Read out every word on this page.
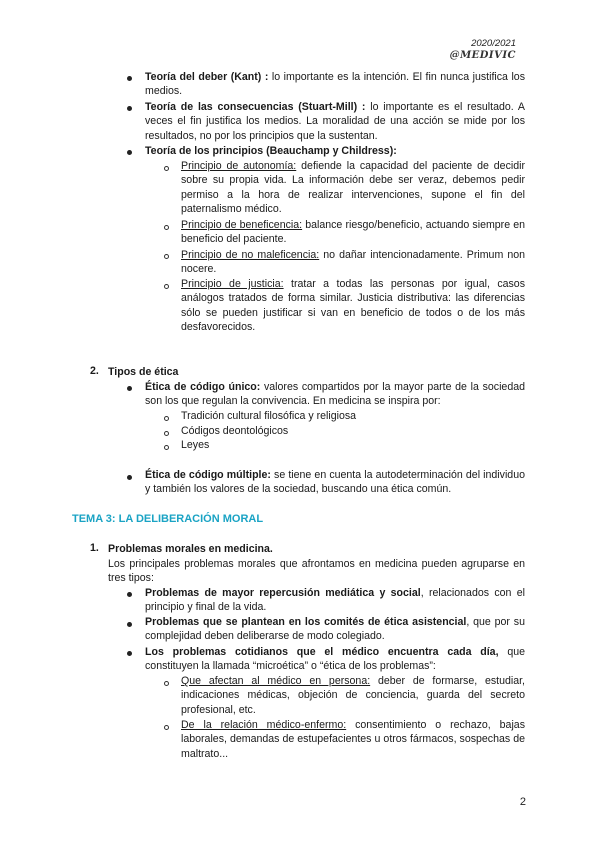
2020/2021
@MEDIVIC
Teoría del deber (Kant) : lo importante es la intención. El fin nunca justifica los medios.
Teoría de las consecuencias (Stuart-Mill) : lo importante es el resultado. A veces el fin justifica los medios. La moralidad de una acción se mide por los resultados, no por los principios que la sustentan.
Teoría de los principios (Beauchamp y Childress):
Principio de autonomía: defiende la capacidad del paciente de decidir sobre su propia vida. La información debe ser veraz, debemos pedir permiso a la hora de realizar intervenciones, supone el fin del paternalismo médico.
Principio de beneficencia: balance riesgo/beneficio, actuando siempre en beneficio del paciente.
Principio de no maleficencia: no dañar intencionadamente. Primum non nocere.
Principio de justicia: tratar a todas las personas por igual, casos análogos tratados de forma similar. Justicia distributiva: las diferencias sólo se pueden justificar si van en beneficio de todos o de los más desfavorecidos.
2. Tipos de ética
Ética de código único: valores compartidos por la mayor parte de la sociedad son los que regulan la convivencia. En medicina se inspira por:
Tradición cultural filosófica y religiosa
Códigos deontológicos
Leyes
Ética de código múltiple: se tiene en cuenta la autodeterminación del individuo y también los valores de la sociedad, buscando una ética común.
TEMA 3: LA DELIBERACIÓN MORAL
1. Problemas morales en medicina.
Los principales problemas morales que afrontamos en medicina pueden agruparse en tres tipos:
Problemas de mayor repercusión mediática y social, relacionados con el principio y final de la vida.
Problemas que se plantean en los comités de ética asistencial, que por su complejidad deben deliberarse de modo colegiado.
Los problemas cotidianos que el médico encuentra cada día, que constituyen la llamada “microética” o “ética de los problemas”:
Que afectan al médico en persona: deber de formarse, estudiar, indicaciones médicas, objeción de conciencia, guarda del secreto profesional, etc.
De la relación médico-enfermo: consentimiento o rechazo, bajas laborales, demandas de estupefacientes u otros fármacos, sospechas de maltrato...
2
